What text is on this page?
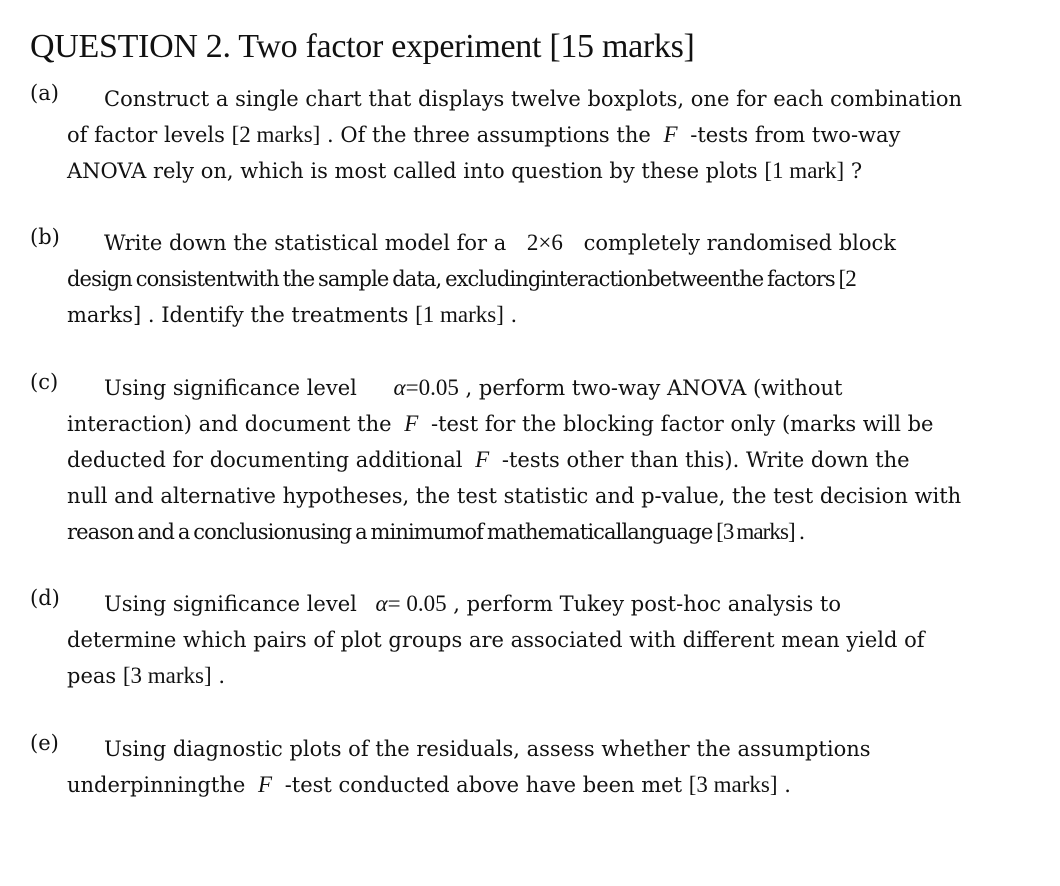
QUESTION 2. Two factor experiment [15 marks]
(a)	Construct a single chart that displays twelve boxplots, one for each combination
of factor levels [2 marks] . Of the three assumptions the F -tests from two-way
ANOVA rely on, which is most called into question by these plots [1 mark] ?
(b)	Write down the statistical model for a 2×6 completely randomised block
design consistentwith the sample data, excludinginteractionbetweenthe factors [2
marks] . Identify the treatments [1 marks] .
(c)	Using significance level α=0.05 , perform two-way ANOVA (without
interaction) and document the F -test for the blocking factor only (marks will be
deducted for documenting additional F -tests other than this). Write down the
null and alternative hypotheses, the test statistic and p-value, the test decision with
reason and a conclusionusing a minimumof mathematicallanguage [3 marks] .
(d)	Using significance level α= 0.05 , perform Tukey post-hoc analysis to
determine which pairs of plot groups are associated with different mean yield of
peas [3 marks] .
(e)	Using diagnostic plots of the residuals, assess whether the assumptions
underpinningthe F -test conducted above have been met [3 marks] .
